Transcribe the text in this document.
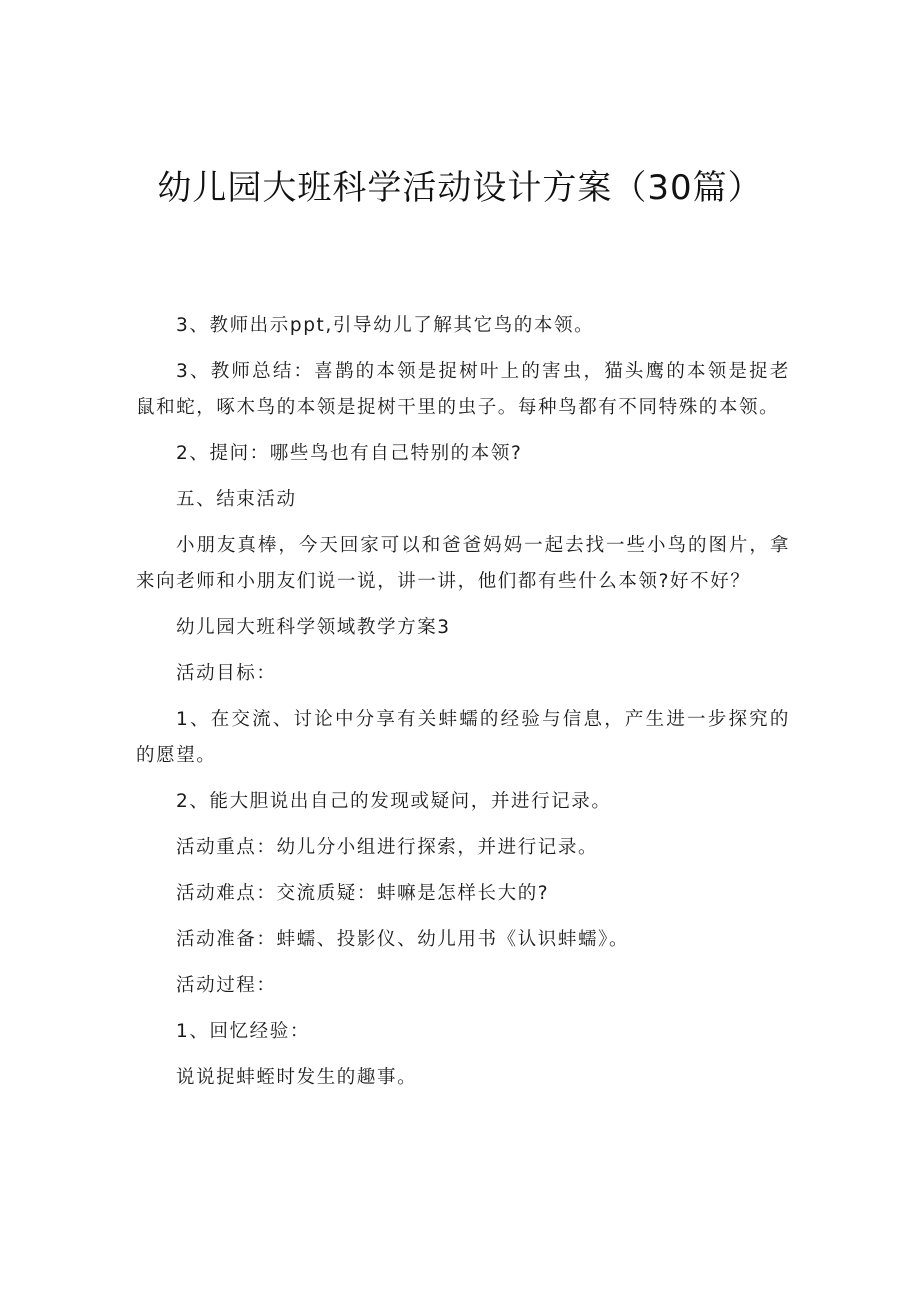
幼儿园大班科学活动设计方案（30篇）

3、教师出示ppt,引导幼儿了解其它鸟的本领。

3、教师总结：喜鹊的本领是捉树叶上的害虫，猫头鹰的本领是捉老鼠和蛇，啄木鸟的本领是捉树干里的虫子。每种鸟都有不同特殊的本领。

2、提问：哪些鸟也有自己特别的本领?

五、结束活动

小朋友真棒，今天回家可以和爸爸妈妈一起去找一些小鸟的图片，拿来向老师和小朋友们说一说，讲一讲，他们都有些什么本领?好不好？

幼儿园大班科学领域教学方案3

活动目标：

1、在交流、讨论中分享有关蚌蠕的经验与信息，产生进一步探究的的愿望。

2、能大胆说出自己的发现或疑问，并进行记录。

活动重点：幼儿分小组进行探索，并进行记录。

活动难点：交流质疑：蚌嘛是怎样长大的?

活动准备：蚌蠕、投影仪、幼儿用书《认识蚌蠕》。

活动过程：

1、回忆经验：

说说捉蚌蛭时发生的趣事。
